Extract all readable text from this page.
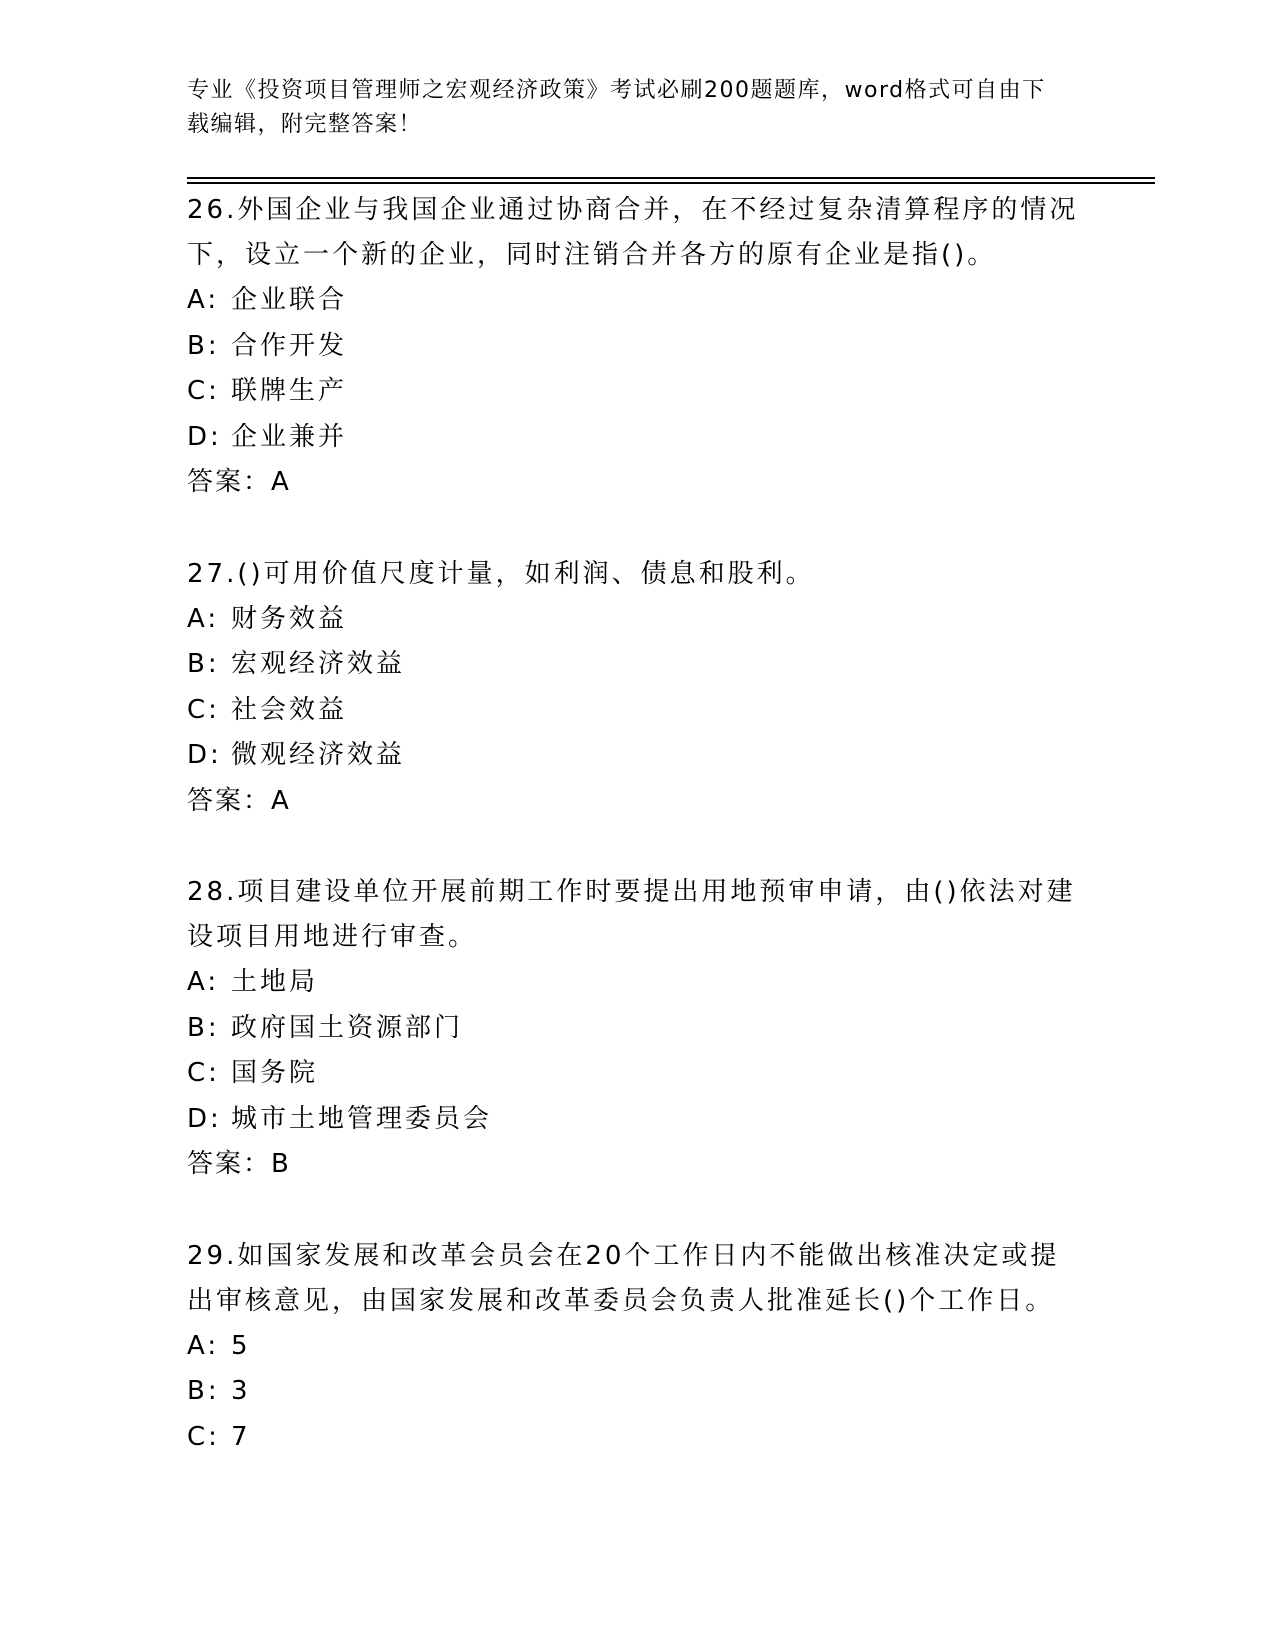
专业《投资项目管理师之宏观经济政策》考试必刷200题题库，word格式可自由下载编辑，附完整答案！

26.外国企业与我国企业通过协商合并，在不经过复杂清算程序的情况下，设立一个新的企业，同时注销合并各方的原有企业是指()。

A: 企业联合

B: 合作开发

C: 联牌生产

D: 企业兼并

答案：A

27.()可用价值尺度计量，如利润、债息和股利。

A: 财务效益

B: 宏观经济效益

C: 社会效益

D: 微观经济效益

答案：A

28.项目建设单位开展前期工作时要提出用地预审申请，由()依法对建设项目用地进行审查。

A: 土地局

B: 政府国土资源部门

C: 国务院

D: 城市土地管理委员会

答案：B

29.如国家发展和改革会员会在20个工作日内不能做出核准决定或提出审核意见，由国家发展和改革委员会负责人批准延长()个工作日。

A: 5

B: 3

C: 7
